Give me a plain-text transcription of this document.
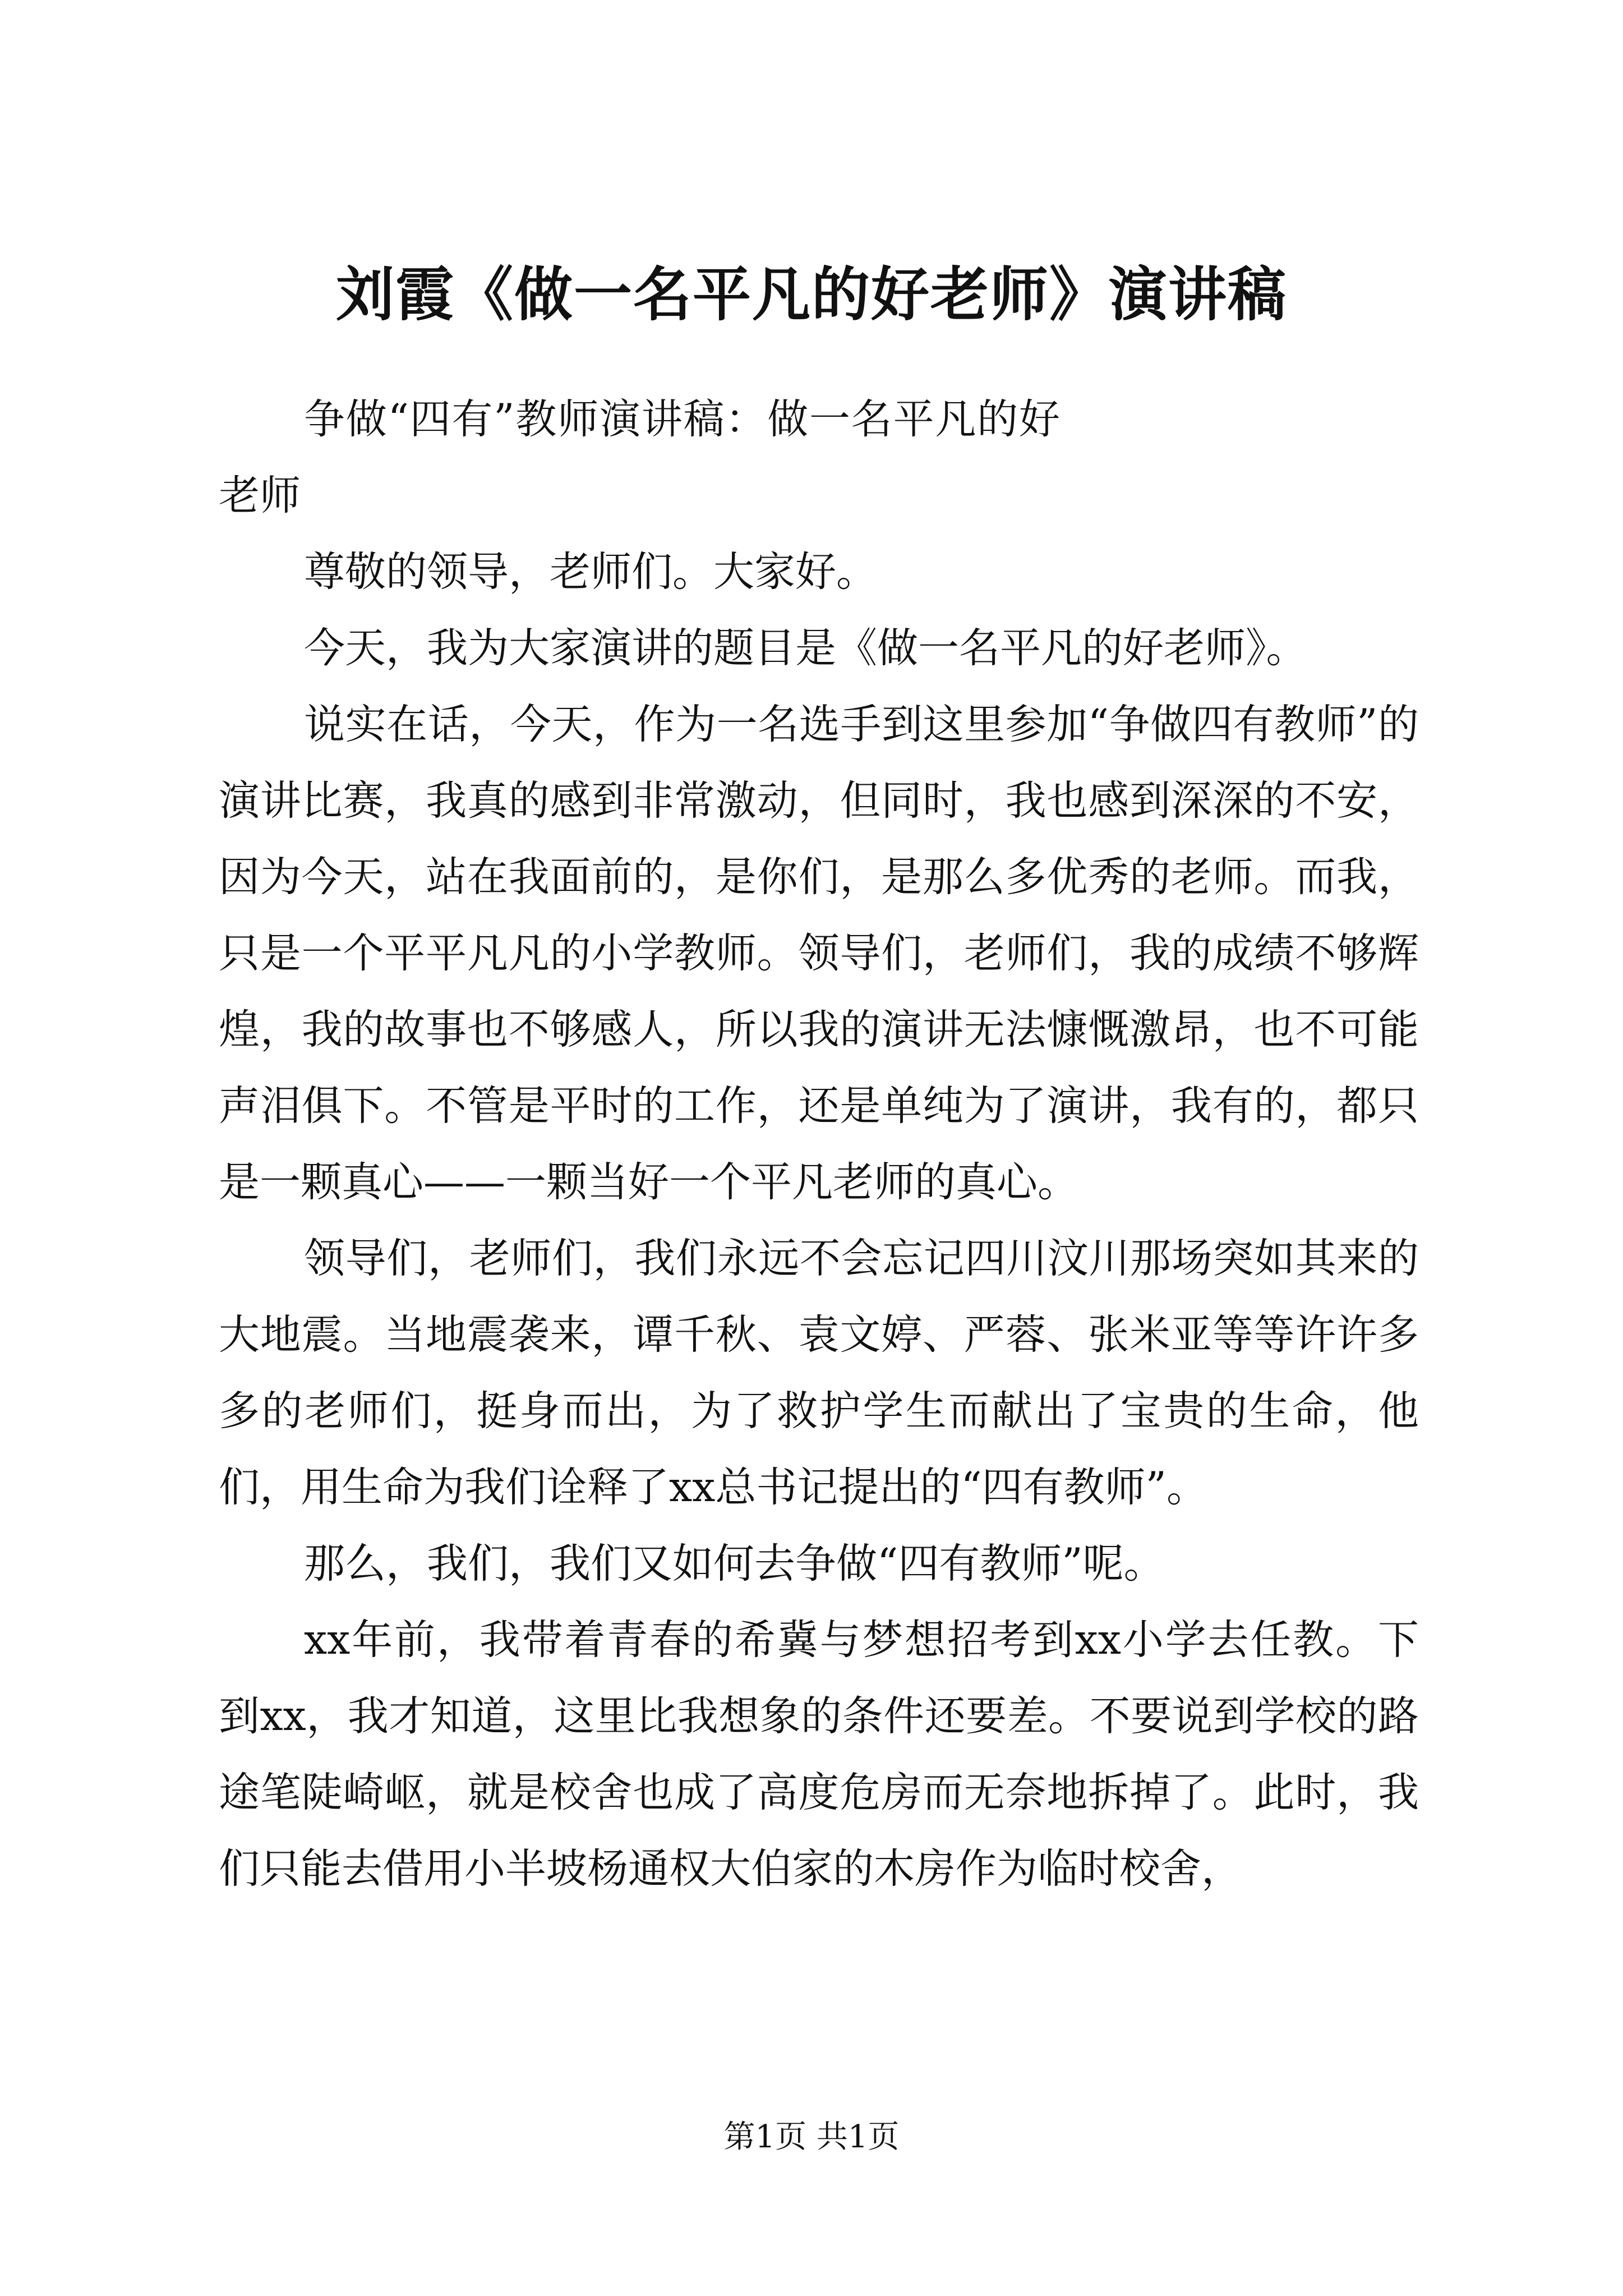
刘霞《做一名平凡的好老师》演讲稿

争做“四有”教师演讲稿：做一名平凡的好老师

尊敬的领导，老师们。大家好。

今天，我为大家演讲的题目是《做一名平凡的好老师》。

说实在话，今天，作为一名选手到这里参加“争做四有教师”的演讲比赛，我真的感到非常激动，但同时，我也感到深深的不安，因为今天，站在我面前的，是你们，是那么多优秀的老师。而我，只是一个平平凡凡的小学教师。领导们，老师们，我的成绩不够辉煌，我的故事也不够感人，所以我的演讲无法慷慨激昂，也不可能声泪俱下。不管是平时的工作，还是单纯为了演讲，我有的，都只是一颗真心——一颗当好一个平凡老师的真心。

领导们，老师们，我们永远不会忘记四川汶川那场突如其来的大地震。当地震袭来，谭千秋、袁文婷、严蓉、张米亚等等许许多多的老师们，挺身而出，为了救护学生而献出了宝贵的生命，他们，用生命为我们诠释了xx总书记提出的“四有教师”。

那么，我们，我们又如何去争做“四有教师”呢。

xx年前，我带着青春的希冀与梦想招考到xx小学去任教。下到xx，我才知道，这里比我想象的条件还要差。不要说到学校的路途笔陡崎岖，就是校舍也成了高度危房而无奈地拆掉了。此时，我们只能去借用小半坡杨通权大伯家的木房作为临时校舍，

第1页 共1页
